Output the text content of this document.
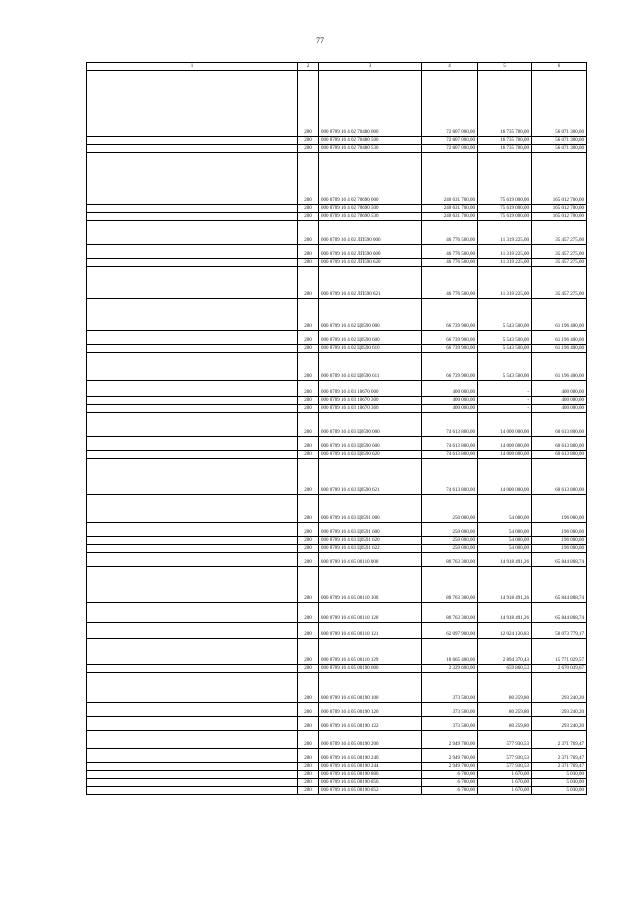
77
1	2	3	4	5	6
	200	000 0709 16 4 02 70480 000	72 807 000,00	16 735 700,00	56 071 300,00
	200	000 0709 16 4 02 70480 500	72 807 000,00	16 735 700,00	56 071 300,00
	200	000 0709 16 4 02 70480 530	72 807 000,00	16 735 700,00	56 071 300,00
	200	000 0709 16 4 02 70690 000	240 631 700,00	75 619 000,00	165 012 700,00
	200	000 0709 16 4 02 70690 500	240 631 700,00	75 619 000,00	165 012 700,00
	200	000 0709 16 4 02 70690 530	240 631 700,00	75 619 000,00	165 012 700,00
	200	000 0709 16 4 02 ЛП590 000	46 776 500,00	11 319 225,00	35 457 275,00
	200	000 0709 16 4 02 ЛП590 600	46 776 500,00	11 319 225,00	35 457 275,00
	200	000 0709 16 4 02 ЛП590 620	46 776 500,00	11 319 225,00	35 457 275,00
	200	000 0709 16 4 02 ЛП590 621	46 776 500,00	11 319 225,00	35 457 275,00
	200	000 0709 16 4 02 Ц0590 000	66 739 900,00	5 543 500,00	61 196 400,00
	200	000 0709 16 4 02 Ц0590 600	66 739 900,00	5 543 500,00	61 196 400,00
	200	000 0709 16 4 02 Ц0590 610	66 739 900,00	5 543 500,00	61 196 400,00
	200	000 0709 16 4 02 Ц0590 611	66 739 900,00	5 543 500,00	61 196 400,00
	200	000 0709 16 4 03 10670 000	400 000,00	-	400 000,00
	200	000 0709 16 4 03 10670 300	400 000,00	-	400 000,00
	200	000 0709 16 4 03 10670 360	400 000,00	-	400 000,00
	200	000 0709 16 4 03 Ц0590 000	74 613 800,00	14 000 000,00	60 613 800,00
	200	000 0709 16 4 03 Ц0590 600	74 613 800,00	14 000 000,00	60 613 800,00
	200	000 0709 16 4 03 Ц0590 620	74 613 800,00	14 000 000,00	60 613 800,00
	200	000 0709 16 4 03 Ц0590 621	74 613 800,00	14 000 000,00	60 613 800,00
	200	000 0709 16 4 03 Ц0591 000	250 000,00	54 000,00	196 000,00
	200	000 0709 16 4 03 Ц0591 600	250 000,00	54 000,00	196 000,00
	200	000 0709 16 4 03 Ц0591 620	250 000,00	54 000,00	196 000,00
	200	000 0709 16 4 03 Ц0591 622	250 000,00	54 000,00	196 000,00
	200	000 0709 16 4 05 00110 000	80 763 300,00	14 918 491,26	65 844 808,74
	200	000 0709 16 4 05 00110 100	80 763 300,00	14 918 491,26	65 844 808,74
	200	000 0709 16 4 05 00110 120	80 763 300,00	14 918 491,26	65 844 808,74
	200	000 0709 16 4 05 00110 121	62 097 900,00	12 024 120,83	50 073 779,17
	200	000 0709 16 4 05 00110 129	18 665 400,00	2 894 370,43	15 771 029,57
	200	000 0709 16 4 05 00190 000	3 329 600,00	659 860,53	2 670 039,67
	200	000 0709 16 4 05 00190 100	373 500,00	80 259,80	293 240,20
	200	000 0709 16 4 05 00190 120	373 500,00	80 259,80	293 240,20
	200	000 0709 16 4 05 00190 122	373 500,00	80 259,80	293 240,20
	200	000 0709 16 4 05 00190 200	2 949 700,00	577 930,53	2 371 769,47
	200	000 0709 16 4 05 00190 240	2 949 700,00	577 930,53	2 371 769,47
	200	000 0709 16 4 05 00190 244	2 949 700,00	577 930,53	2 371 769,47
	200	000 0709 16 4 05 00190 800	6 700,00	1 670,00	5 030,00
	200	000 0709 16 4 05 00190 850	6 700,00	1 670,00	5 030,00
	200	000 0709 16 4 05 00190 852	6 700,00	1 670,00	5 030,00
